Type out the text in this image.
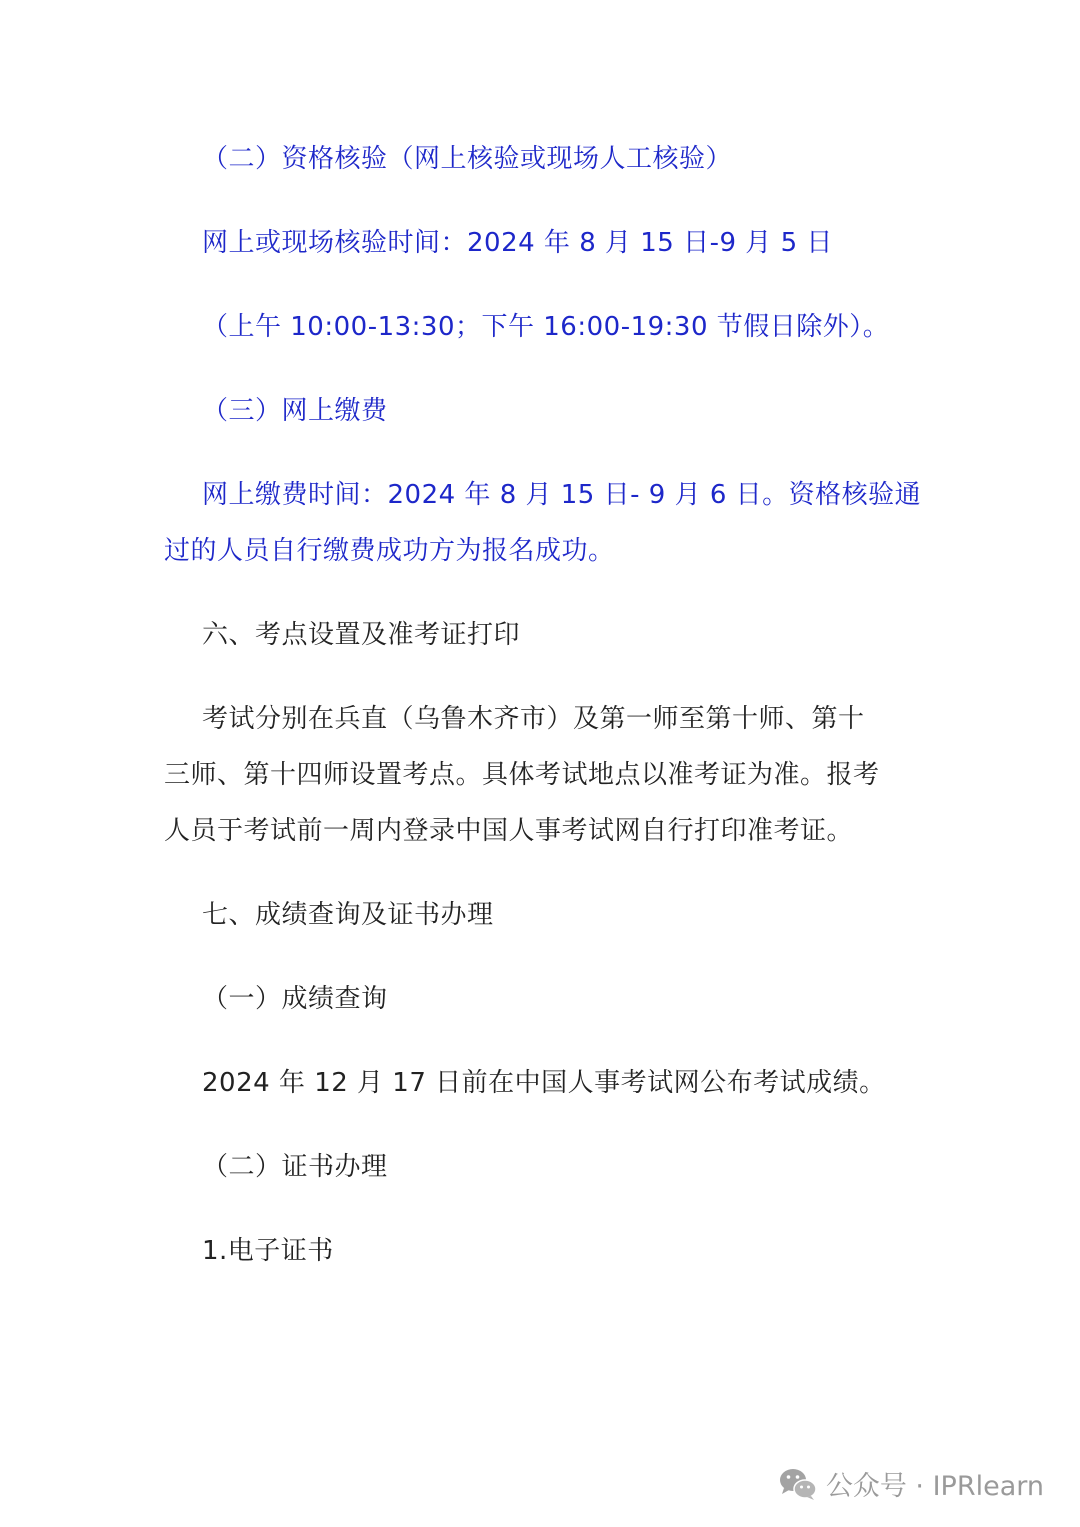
（二）资格核验（网上核验或现场人工核验）
网上或现场核验时间：2024 年 8 月 15 日-9 月 5 日
（上午 10:00-13:30；下午 16:00-19:30 节假日除外）。
（三）网上缴费
网上缴费时间：2024 年 8 月 15 日- 9 月 6 日。资格核验通
过的人员自行缴费成功方为报名成功。
六、考点设置及准考证打印
考试分别在兵直（乌鲁木齐市）及第一师至第十师、第十
三师、第十四师设置考点。具体考试地点以准考证为准。报考
人员于考试前一周内登录中国人事考试网自行打印准考证。
七、成绩查询及证书办理
（一）成绩查询
2024 年 12 月 17 日前在中国人事考试网公布考试成绩。
（二）证书办理
1.电子证书
公众号 · IPRlearn
